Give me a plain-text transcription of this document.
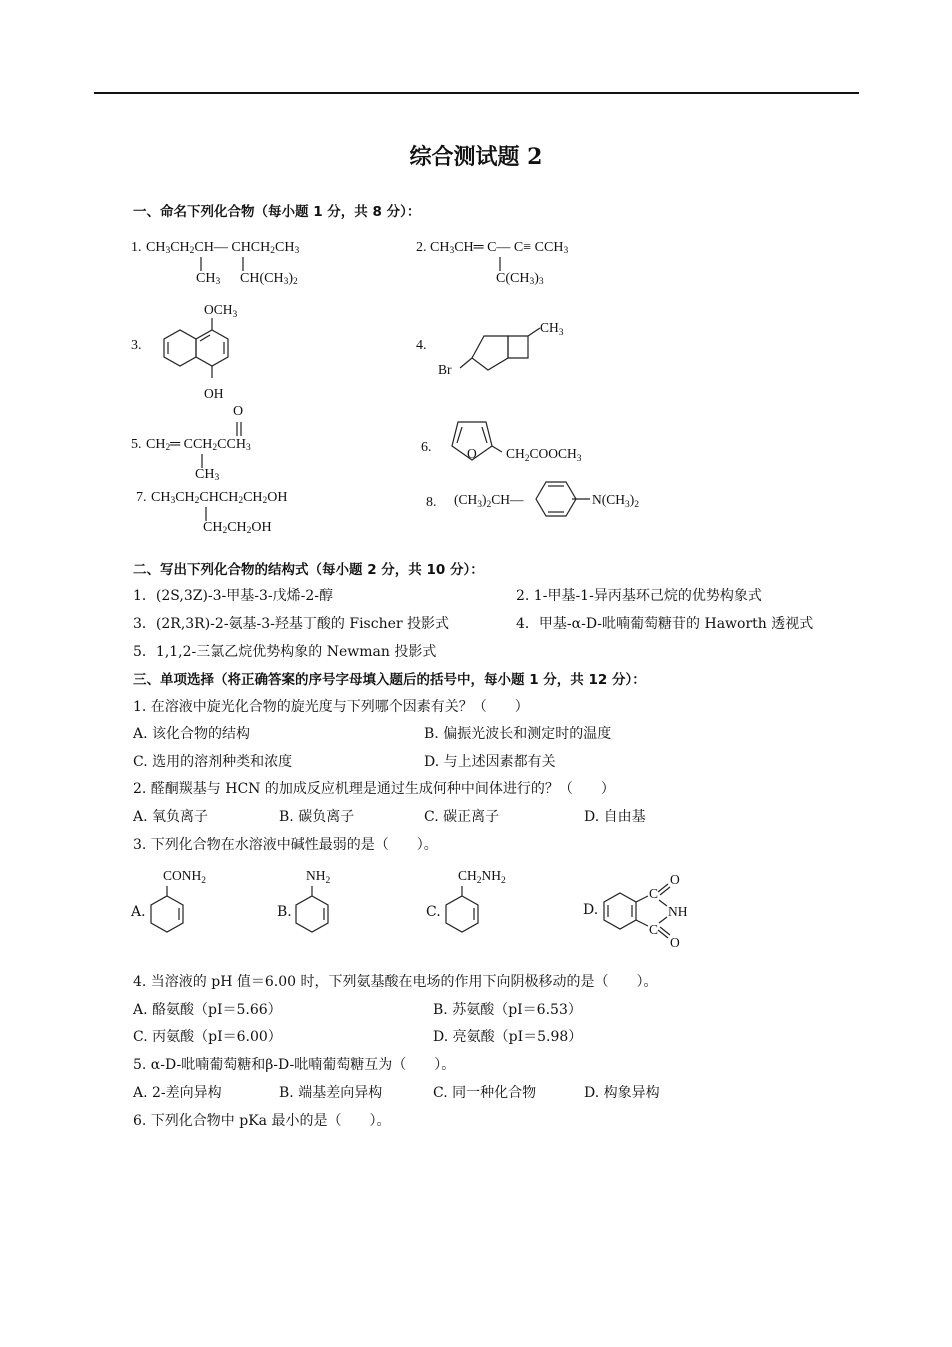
综合测试题 2
一、命名下列化合物（每小题 1 分，共 8 分）：
1. $CH_3CH_2CH—$ $CHCH_2CH_3$
$CH_3$ $CH(CH_3)_2$
2. $CH_3CH═$ C— $C\equiv CCH_3$
$C(CH_3)_3$
3.
$OCH_3$
OH
4.
$CH_3$
Br
5.
O
$CH_2═$ $CCH_2CCH_3$
$CH_3$
6.	O $CH_2COOCH_3$
7. $CH_3CH_2CHCH_2CH_2OH$
$CH_2CH_2OH$
8. $(CH_3)_2CH—$	$N(CH_3)_2$
二、写出下列化合物的结构式（每小题 2 分，共 10 分）：
1．(2S,3Z)-3-甲基-3-戊烯-2-醇	2. 1-甲基-1-异丙基环己烷的优势构象式
3．(2R,3R)-2-氨基-3-羟基丁酸的 Fischer 投影式	4．甲基-α-D-吡喃葡萄糖苷的 Haworth 透视式
5．1,1,2-三氯乙烷优势构象的 Newman 投影式
三、单项选择（将正确答案的序号字母填入题后的括号中，每小题 1 分，共 12 分）：
1. 在溶液中旋光化合物的旋光度与下列哪个因素有关？（　　）
A. 该化合物的结构	B. 偏振光波长和测定时的温度
C. 选用的溶剂种类和浓度	D. 与上述因素都有关
2. 醛酮羰基与 HCN 的加成反应机理是通过生成何种中间体进行的？（　　）
A. 氧负离子	B. 碳负离子	C. 碳正离子	D. 自由基
3. 下列化合物在水溶液中碱性最弱的是（　　）。
A.
$CONH_2$
B.
$NH_2$
C.
$CH_2NH_2$
D.
C
C
O
O
NH
4. 当溶液的 pH 值＝6.00 时，下列氨基酸在电场的作用下向阴极移动的是（　　）。
A. 酪氨酸（pI＝5.66）	B. 苏氨酸（pI＝6.53）
C. 丙氨酸（pI＝6.00）	D. 亮氨酸（pI＝5.98）
5. α-D-吡喃葡萄糖和β-D-吡喃葡萄糖互为（　　）。
A. 2-差向异构	B. 端基差向异构	C. 同一种化合物	D. 构象异构
6. 下列化合物中 pKa 最小的是（　　）。
